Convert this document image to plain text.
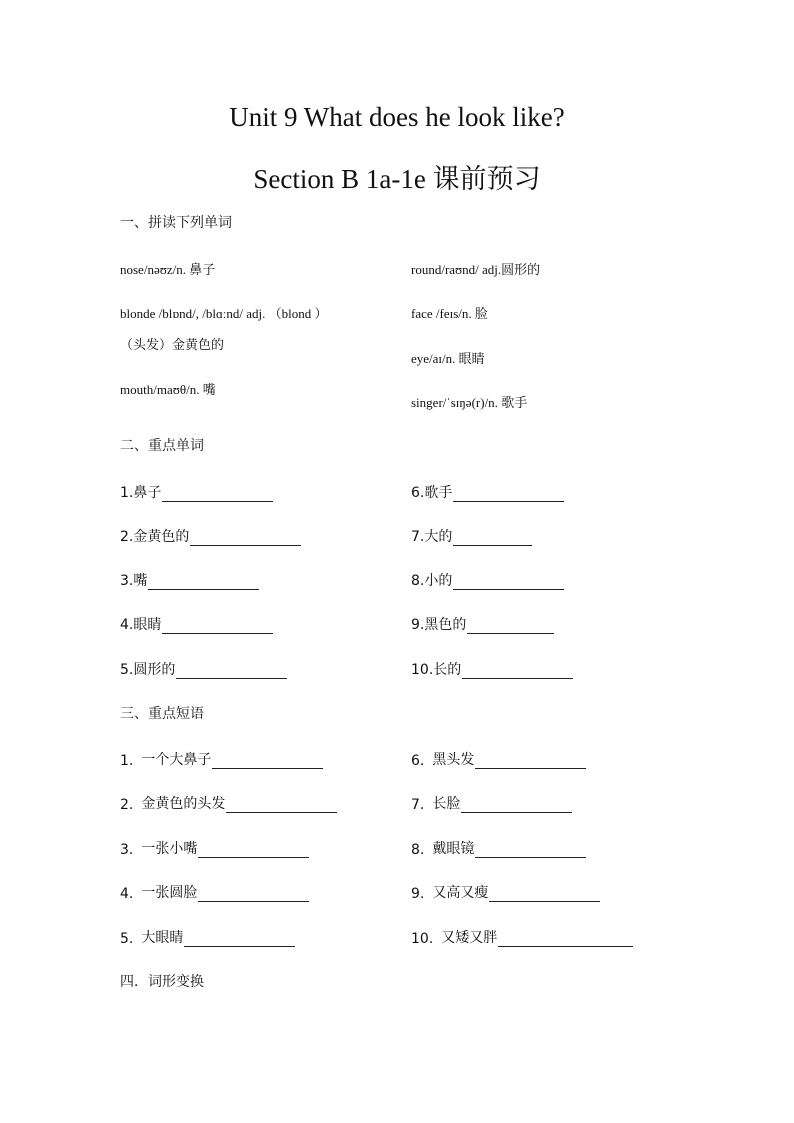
Unit 9 What does he look like?
Section B 1a-1e 课前预习
一、拼读下列单词
nose/nəʊz/n. 鼻子	round/raʊnd/ adj.圆形的
blonde /blɒnd/, /blɑːnd/ adj. （blond ）
（头发）金黄色的
face /feɪs/n. 脸
eye/aɪ/n. 眼睛
mouth/maʊθ/n. 嘴
singer/ˈsɪŋə(r)/n. 歌手
二、重点单词
1.鼻子	6.歌手
2.金黄色的	7.大的
3.嘴	8.小的
4.眼睛	9.黑色的
5.圆形的	10.长的
三、重点短语
1. 一个大鼻子	6. 黑头发
2. 金黄色的头发	7. 长脸
3. 一张小嘴	8. 戴眼镜
4. 一张圆脸	9. 又高又瘦
5. 大眼睛	10. 又矮又胖
四．词形变换
